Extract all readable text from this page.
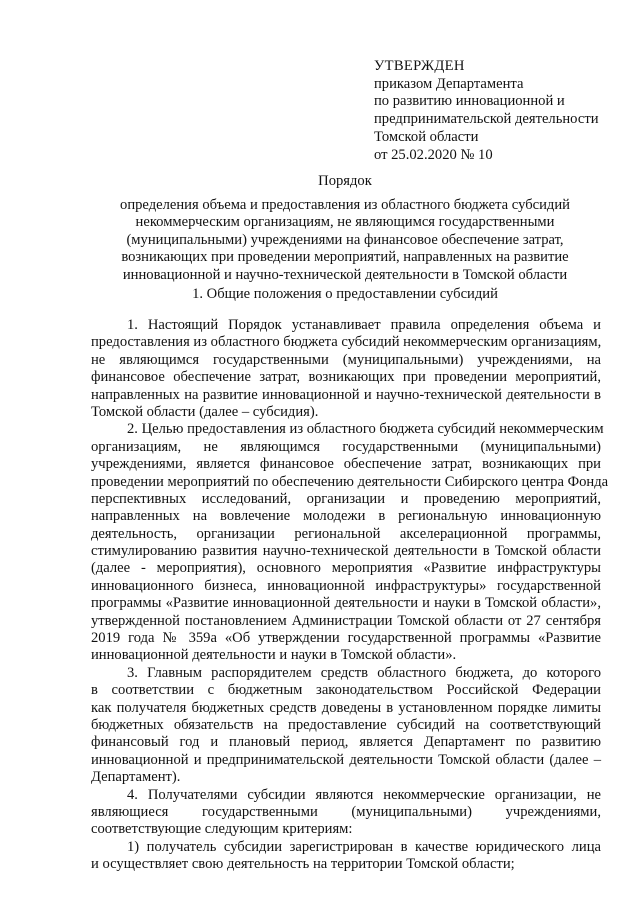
УТВЕРЖДЕН
приказом Департамента
по развитию инновационной и
предпринимательской деятельности
Томской области
от 25.02.2020 № 10
Порядок
определения объема и предоставления из областного бюджета субсидий
некоммерческим организациям, не являющимся государственными
(муниципальными) учреждениями на финансовое обеспечение затрат,
возникающих при проведении мероприятий, направленных на развитие
инновационной и научно-технической деятельности в Томской области
1. Общие положения о предоставлении субсидий
1. Настоящий Порядок устанавливает правила определения объема и
предоставления из областного бюджета субсидий некоммерческим организациям,
не являющимся государственными (муниципальными) учреждениями, на
финансовое обеспечение затрат, возникающих при проведении мероприятий,
направленных на развитие инновационной и научно-технической деятельности в
Томской области (далее – субсидия).
2. Целью предоставления из областного бюджета субсидий некоммерческим
организациям, не являющимся государственными (муниципальными)
учреждениями, является финансовое обеспечение затрат, возникающих при
проведении мероприятий по обеспечению деятельности Сибирского центра Фонда
перспективных исследований, организации и проведению мероприятий,
направленных на вовлечение молодежи в региональную инновационную
деятельность, организации региональной акселерационной программы,
стимулированию развития научно-технической деятельности в Томской области
(далее - мероприятия), основного мероприятия «Развитие инфраструктуры
инновационного бизнеса, инновационной инфраструктуры» государственной
программы «Развитие инновационной деятельности и науки в Томской области»,
утвержденной постановлением Администрации Томской области от 27 сентября
2019 года № 359а «Об утверждении государственной программы «Развитие
инновационной деятельности и науки в Томской области».
3. Главным распорядителем средств областного бюджета, до которого
в соответствии с бюджетным законодательством Российской Федерации
как получателя бюджетных средств доведены в установленном порядке лимиты
бюджетных обязательств на предоставление субсидий на соответствующий
финансовый год и плановый период, является Департамент по развитию
инновационной и предпринимательской деятельности Томской области (далее –
Департамент).
4. Получателями субсидии являются некоммерческие организации, не
являющиеся государственными (муниципальными) учреждениями,
соответствующие следующим критериям:
1) получатель субсидии зарегистрирован в качестве юридического лица
и осуществляет свою деятельность на территории Томской области;
